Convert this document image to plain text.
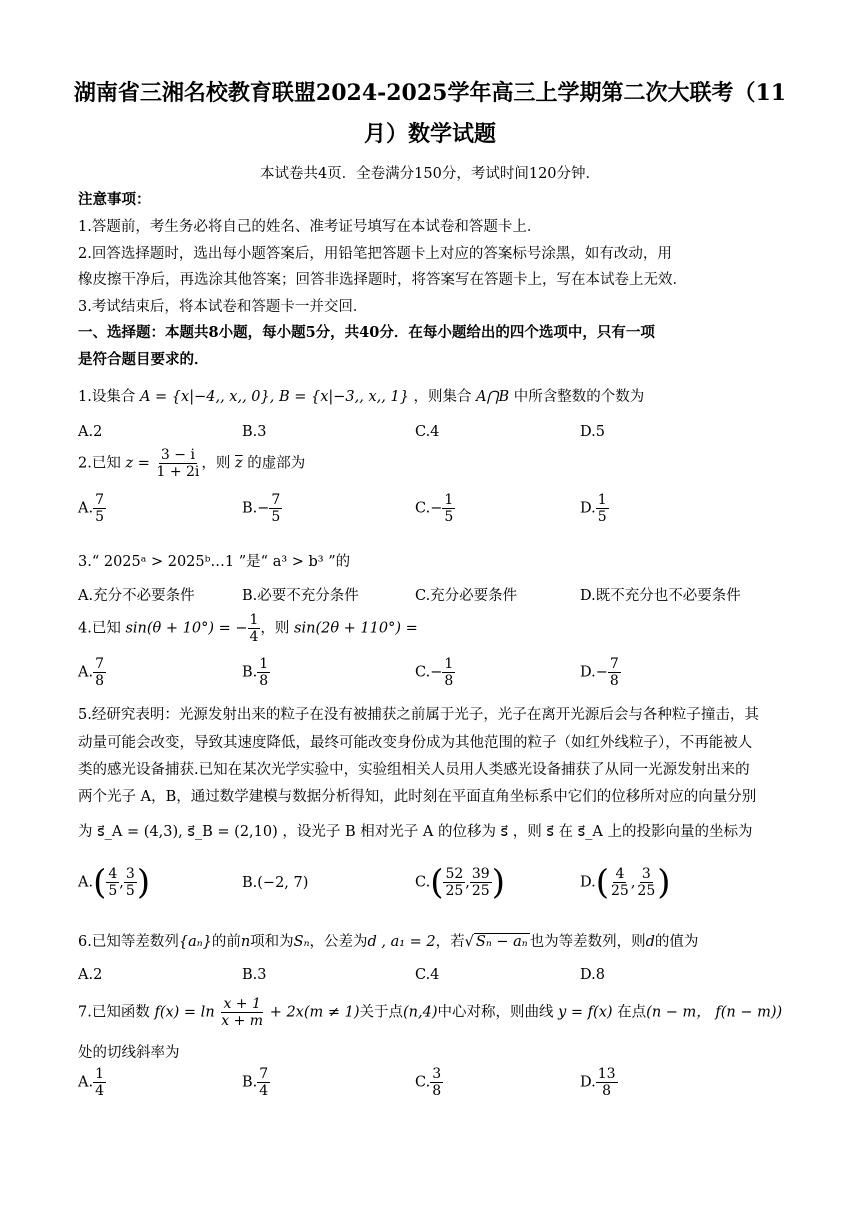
湖南省三湘名校教育联盟2024-2025学年高三上学期第二次大联考（11
月）数学试题
本试卷共4页．全卷满分150分，考试时间120分钟．
注意事项：
1.答题前，考生务必将自己的姓名、准考证号填写在本试卷和答题卡上．
2.回答选择题时，选出每小题答案后，用铅笔把答题卡上对应的答案标号涂黑，如有改动，用
橡皮擦干净后，再选涂其他答案；回答非选择题时，将答案写在答题卡上，写在本试卷上无效．
3.考试结束后，将本试卷和答题卡一并交回．
一、选择题：本题共8小题，每小题5分，共40分．在每小题给出的四个选项中，只有一项
是符合题目要求的．
1.设集合 A = {x|−4,, x,, 0}, B = {x|−3,, x,, 1} ，则集合 A⋂B 中所含整数的个数为
A.2	B.3	C.4	D.5
2.已知 $z = \frac{3 - i}{1 + 2i}$ ，则 $\overline{z}$ 的虚部为
A. $\frac{7}{5}$	$B.- \frac{7}{5}$	$C.- \frac{1}{5}$	D. $\frac{1}{5}$
3.“ 2025ᵃ > 2025ᵇ…1 ”是“ a³ > b³ ”的
A.充分不必要条件	B.必要不充分条件	C.充分必要条件	D.既不充分也不必要条件
4.已知 sin(θ + 10°) = − $\frac{1}{4}$ ，则 sin(2θ + 110°) =
A. $\frac{7}{8}$	B. $\frac{1}{8}$	$C.- \frac{1}{8}$	$D.- \frac{7}{8}$
5.经研究表明：光源发射出来的粒子在没有被捕获之前属于光子，光子在离开光源后会与各种粒子撞击，其
动量可能会改变，导致其速度降低，最终可能改变身份成为其他范围的粒子（如红外线粒子），不再能被人
类的感光设备捕获.已知在某次光学实验中，实验组相关人员用人类感光设备捕获了从同一光源发射出来的
两个光子 A，B，通过数学建模与数据分析得知，此时刻在平面直角坐标系中它们的位移所对应的向量分别
为 s⃗_A = (4,3), s⃗_B = (2,10) ，设光子 B 相对光子 A 的位移为 s⃗ ，则 s⃗ 在 s⃗_A 上的投影向量的坐标为
$A.( \frac{4}{5}$ , $\frac{3}{5}$ )	B.(−2, 7)	$C.( \frac{52}{25}$ , $\frac{39}{25}$ )	$D.( \frac{4}{25}$ , $\frac{3}{25}$ )
6.已知等差数列{aₙ}的前n项和为Sₙ，公差为d , a₁ = 2，若√ Sₙ − aₙ 也为等差数列，则d的值为
A.2	B.3	C.4	D.8
7.已知函数 $f(x) = \ln \frac{x + 1}{x + m} + 2x(m \ne 1)$关于点(n,4)中心对称，则曲线 y = f(x) 在点(n − m， f(n − m))
处的切线斜率为
A. $\frac{1}{4}$	B. $\frac{7}{4}$	C. $\frac{3}{8}$	D. $\frac{13}{8}$
